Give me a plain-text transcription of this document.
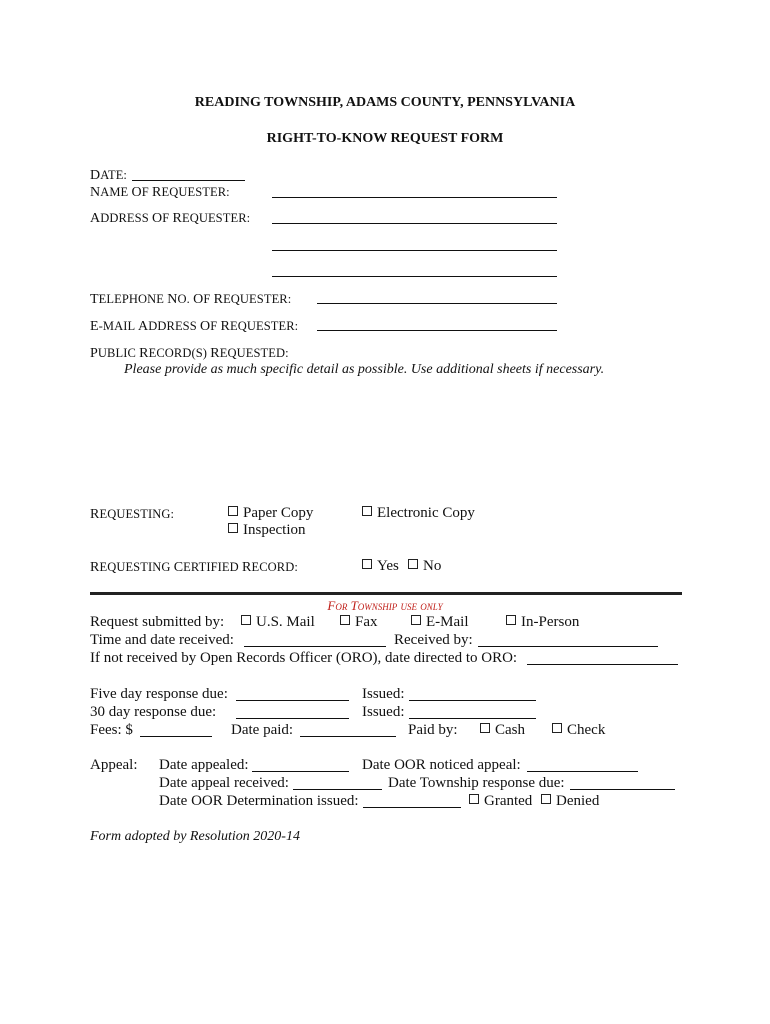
READING TOWNSHIP, ADAMS COUNTY, PENNSYLVANIA
RIGHT-TO-KNOW REQUEST FORM
DATE:
NAME OF REQUESTER:
ADDRESS OF REQUESTER:
TELEPHONE NO. OF REQUESTER:
E-MAIL ADDRESS OF REQUESTER:
PUBLIC RECORD(S) REQUESTED:
Please provide as much specific detail as possible. Use additional sheets if necessary.
REQUESTING:	Paper Copy
Inspection
Electronic Copy
REQUESTING CERTIFIED RECORD:	Yes	No
For Township use only
Request submitted by:	U.S. Mail	Fax	E-Mail	In-Person
Time and date received:	Received by:
If not received by Open Records Officer (ORO), date directed to ORO:
Five day response due:	Issued:
30 day response due:	Issued:
Fees: $	Date paid:	Paid by:	Cash	Check
Appeal: Date appealed:	Date OOR noticed appeal:
Date appeal received:	Date Township response due:
Date OOR Determination issued:	Granted	Denied
Form adopted by Resolution 2020-14
